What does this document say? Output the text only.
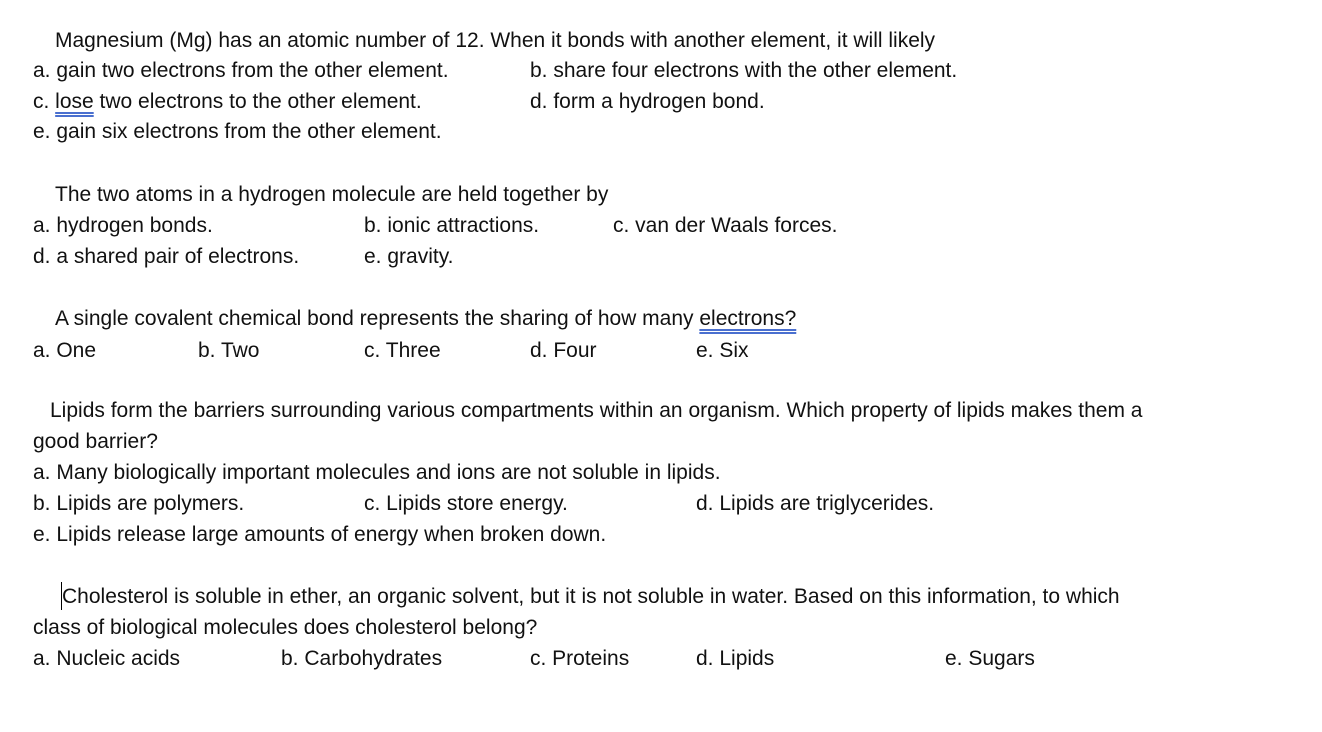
Magnesium (Mg) has an atomic number of 12. When it bonds with another element, it will likely
a. gain two electrons from the other element.	b. share four electrons with the other element.
c. lose two electrons to the other element.	d. form a hydrogen bond.
e. gain six electrons from the other element.
The two atoms in a hydrogen molecule are held together by
a. hydrogen bonds.	b. ionic attractions.	c. van der Waals forces.
d. a shared pair of electrons.	e. gravity.
A single covalent chemical bond represents the sharing of how many electrons?
a. One	b. Two	c. Three	d. Four	e. Six
Lipids form the barriers surrounding various compartments within an organism. Which property of lipids makes them a
good barrier?
a. Many biologically important molecules and ions are not soluble in lipids.
b. Lipids are polymers.	c. Lipids store energy.	d. Lipids are triglycerides.
e. Lipids release large amounts of energy when broken down.
Cholesterol is soluble in ether, an organic solvent, but it is not soluble in water. Based on this information, to which
class of biological molecules does cholesterol belong?
a. Nucleic acids	b. Carbohydrates	c. Proteins	d. Lipids	e. Sugars
